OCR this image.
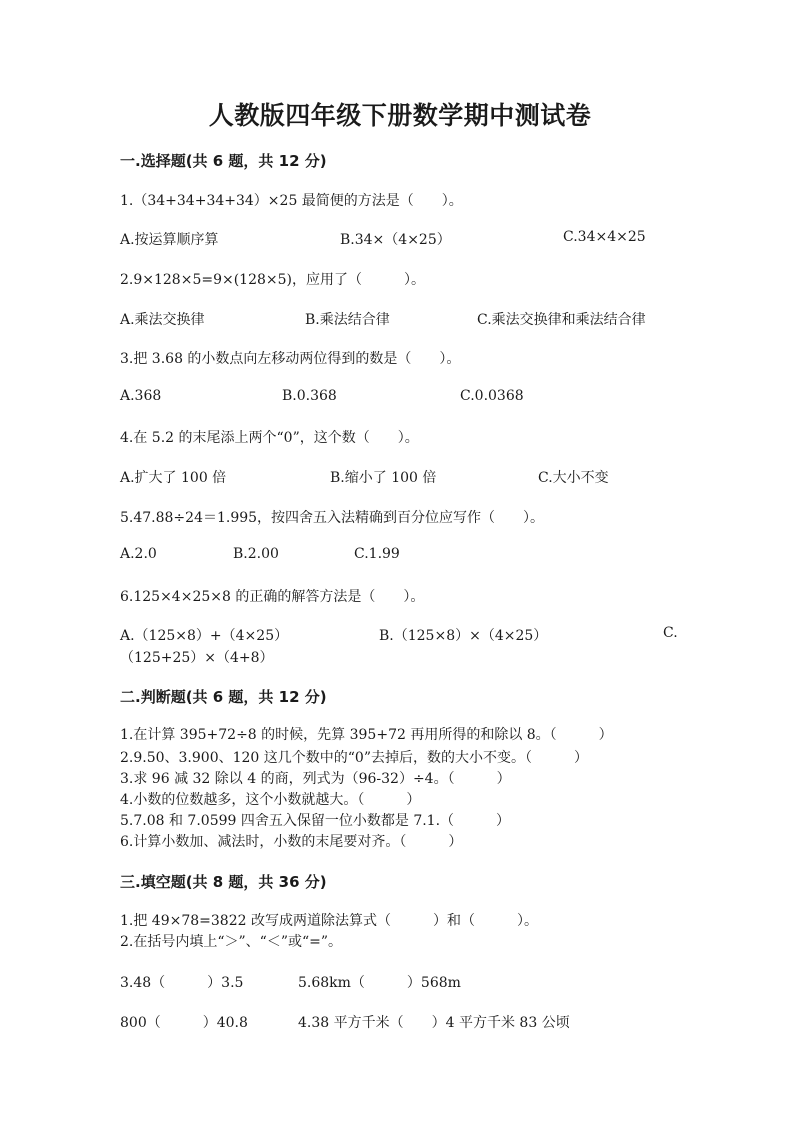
人教版四年级下册数学期中测试卷
一.选择题(共 6 题，共 12 分)
1.（34+34+34+34）×25 最简便的方法是（　　）。
A.按运算顺序算	B.34×（4×25）	C.34×4×25
2.9×128×5=9×(128×5)，应用了（　　　）。
A.乘法交换律	B.乘法结合律	C.乘法交换律和乘法结合律
3.把 3.68 的小数点向左移动两位得到的数是（　　）。
A.368	B.0.368	C.0.0368
4.在 5.2 的末尾添上两个“0”，这个数（　　）。
A.扩大了 100 倍	B.缩小了 100 倍	C.大小不变
5.47.88÷24＝1.995，按四舍五入法精确到百分位应写作（　　）。
A.2.0	B.2.00	C.1.99
6.125×4×25×8 的正确的解答方法是（　　）。
A.（125×8）+（4×25）	B.（125×8）×（4×25）	C.
（125+25）×（4+8）
二.判断题(共 6 题，共 12 分)
1.在计算 395+72÷8 的时候，先算 395+72 再用所得的和除以 8。（　　　）
2.9.50、3.900、120 这几个数中的“0”去掉后，数的大小不变。（　　　）
3.求 96 减 32 除以 4 的商，列式为（96-32）÷4。（　　　）
4.小数的位数越多，这个小数就越大。（　　　）
5.7.08 和 7.0599 四舍五入保留一位小数都是 7.1.（　　　）
6.计算小数加、减法时，小数的末尾要对齐。（　　　）
三.填空题(共 8 题，共 36 分)
1.把 49×78=3822 改写成两道除法算式（　　　）和（　　　）。
2.在括号内填上“＞”、“＜”或“=”。
3.48（　　　）3.5	5.68km（　　　）568m
800（　　　）40.8	4.38 平方千米（　　）4 平方千米 83 公顷
